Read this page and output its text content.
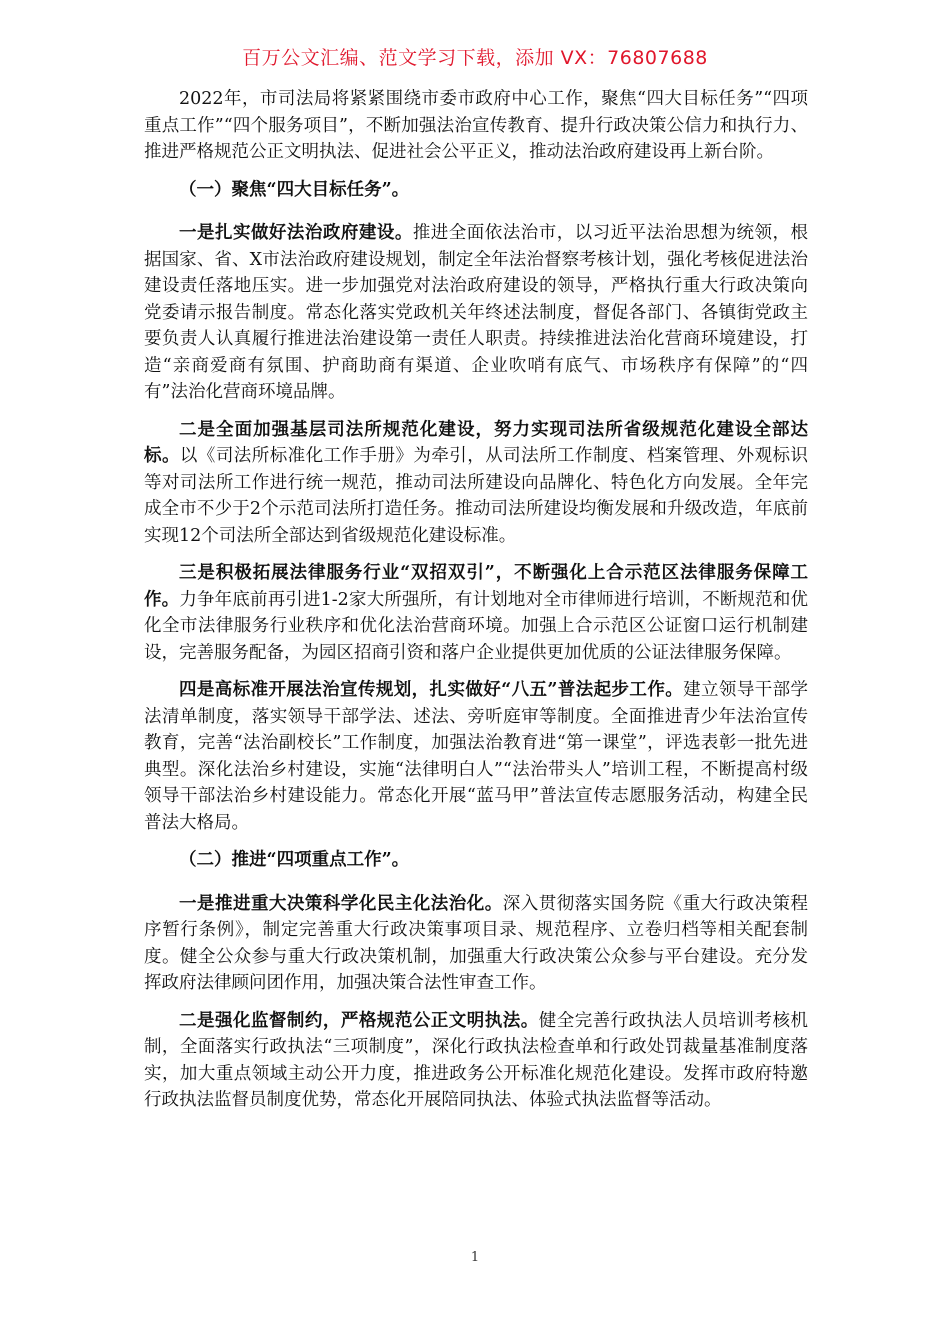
百万公文汇编、范文学习下载，添加 VX：76807688

2022年，市司法局将紧紧围绕市委市政府中心工作，聚焦“四大目标任务”“四项重点工作”“四个服务项目”，不断加强法治宣传教育、提升行政决策公信力和执行力、推进严格规范公正文明执法、促进社会公平正义，推动法治政府建设再上新台阶。

（一）聚焦“四大目标任务”。

一是扎实做好法治政府建设。推进全面依法治市，以习近平法治思想为统领，根据国家、省、X市法治政府建设规划，制定全年法治督察考核计划，强化考核促进法治建设责任落地压实。进一步加强党对法治政府建设的领导，严格执行重大行政决策向党委请示报告制度。常态化落实党政机关年终述法制度，督促各部门、各镇街党政主要负责人认真履行推进法治建设第一责任人职责。持续推进法治化营商环境建设，打造“亲商爱商有氛围、护商助商有渠道、企业吹哨有底气、市场秩序有保障”的“四有”法治化营商环境品牌。

二是全面加强基层司法所规范化建设，努力实现司法所省级规范化建设全部达标。以《司法所标准化工作手册》为牵引，从司法所工作制度、档案管理、外观标识等对司法所工作进行统一规范，推动司法所建设向品牌化、特色化方向发展。全年完成全市不少于2个示范司法所打造任务。推动司法所建设均衡发展和升级改造，年底前实现12个司法所全部达到省级规范化建设标准。

三是积极拓展法律服务行业“双招双引”，不断强化上合示范区法律服务保障工作。力争年底前再引进1-2家大所强所，有计划地对全市律师进行培训，不断规范和优化全市法律服务行业秩序和优化法治营商环境。加强上合示范区公证窗口运行机制建设，完善服务配备，为园区招商引资和落户企业提供更加优质的公证法律服务保障。

四是高标准开展法治宣传规划，扎实做好“八五”普法起步工作。建立领导干部学法清单制度，落实领导干部学法、述法、旁听庭审等制度。全面推进青少年法治宣传教育，完善“法治副校长”工作制度，加强法治教育进“第一课堂”，评选表彰一批先进典型。深化法治乡村建设，实施“法律明白人”“法治带头人”培训工程，不断提高村级领导干部法治乡村建设能力。常态化开展“蓝马甲”普法宣传志愿服务活动，构建全民普法大格局。

（二）推进“四项重点工作”。

一是推进重大决策科学化民主化法治化。深入贯彻落实国务院《重大行政决策程序暂行条例》，制定完善重大行政决策事项目录、规范程序、立卷归档等相关配套制度。健全公众参与重大行政决策机制，加强重大行政决策公众参与平台建设。充分发挥政府法律顾问团作用，加强决策合法性审查工作。

二是强化监督制约，严格规范公正文明执法。健全完善行政执法人员培训考核机制，全面落实行政执法“三项制度”，深化行政执法检查单和行政处罚裁量基准制度落实，加大重点领域主动公开力度，推进政务公开标准化规范化建设。发挥市政府特邀行政执法监督员制度优势，常态化开展陪同执法、体验式执法监督等活动。

1
